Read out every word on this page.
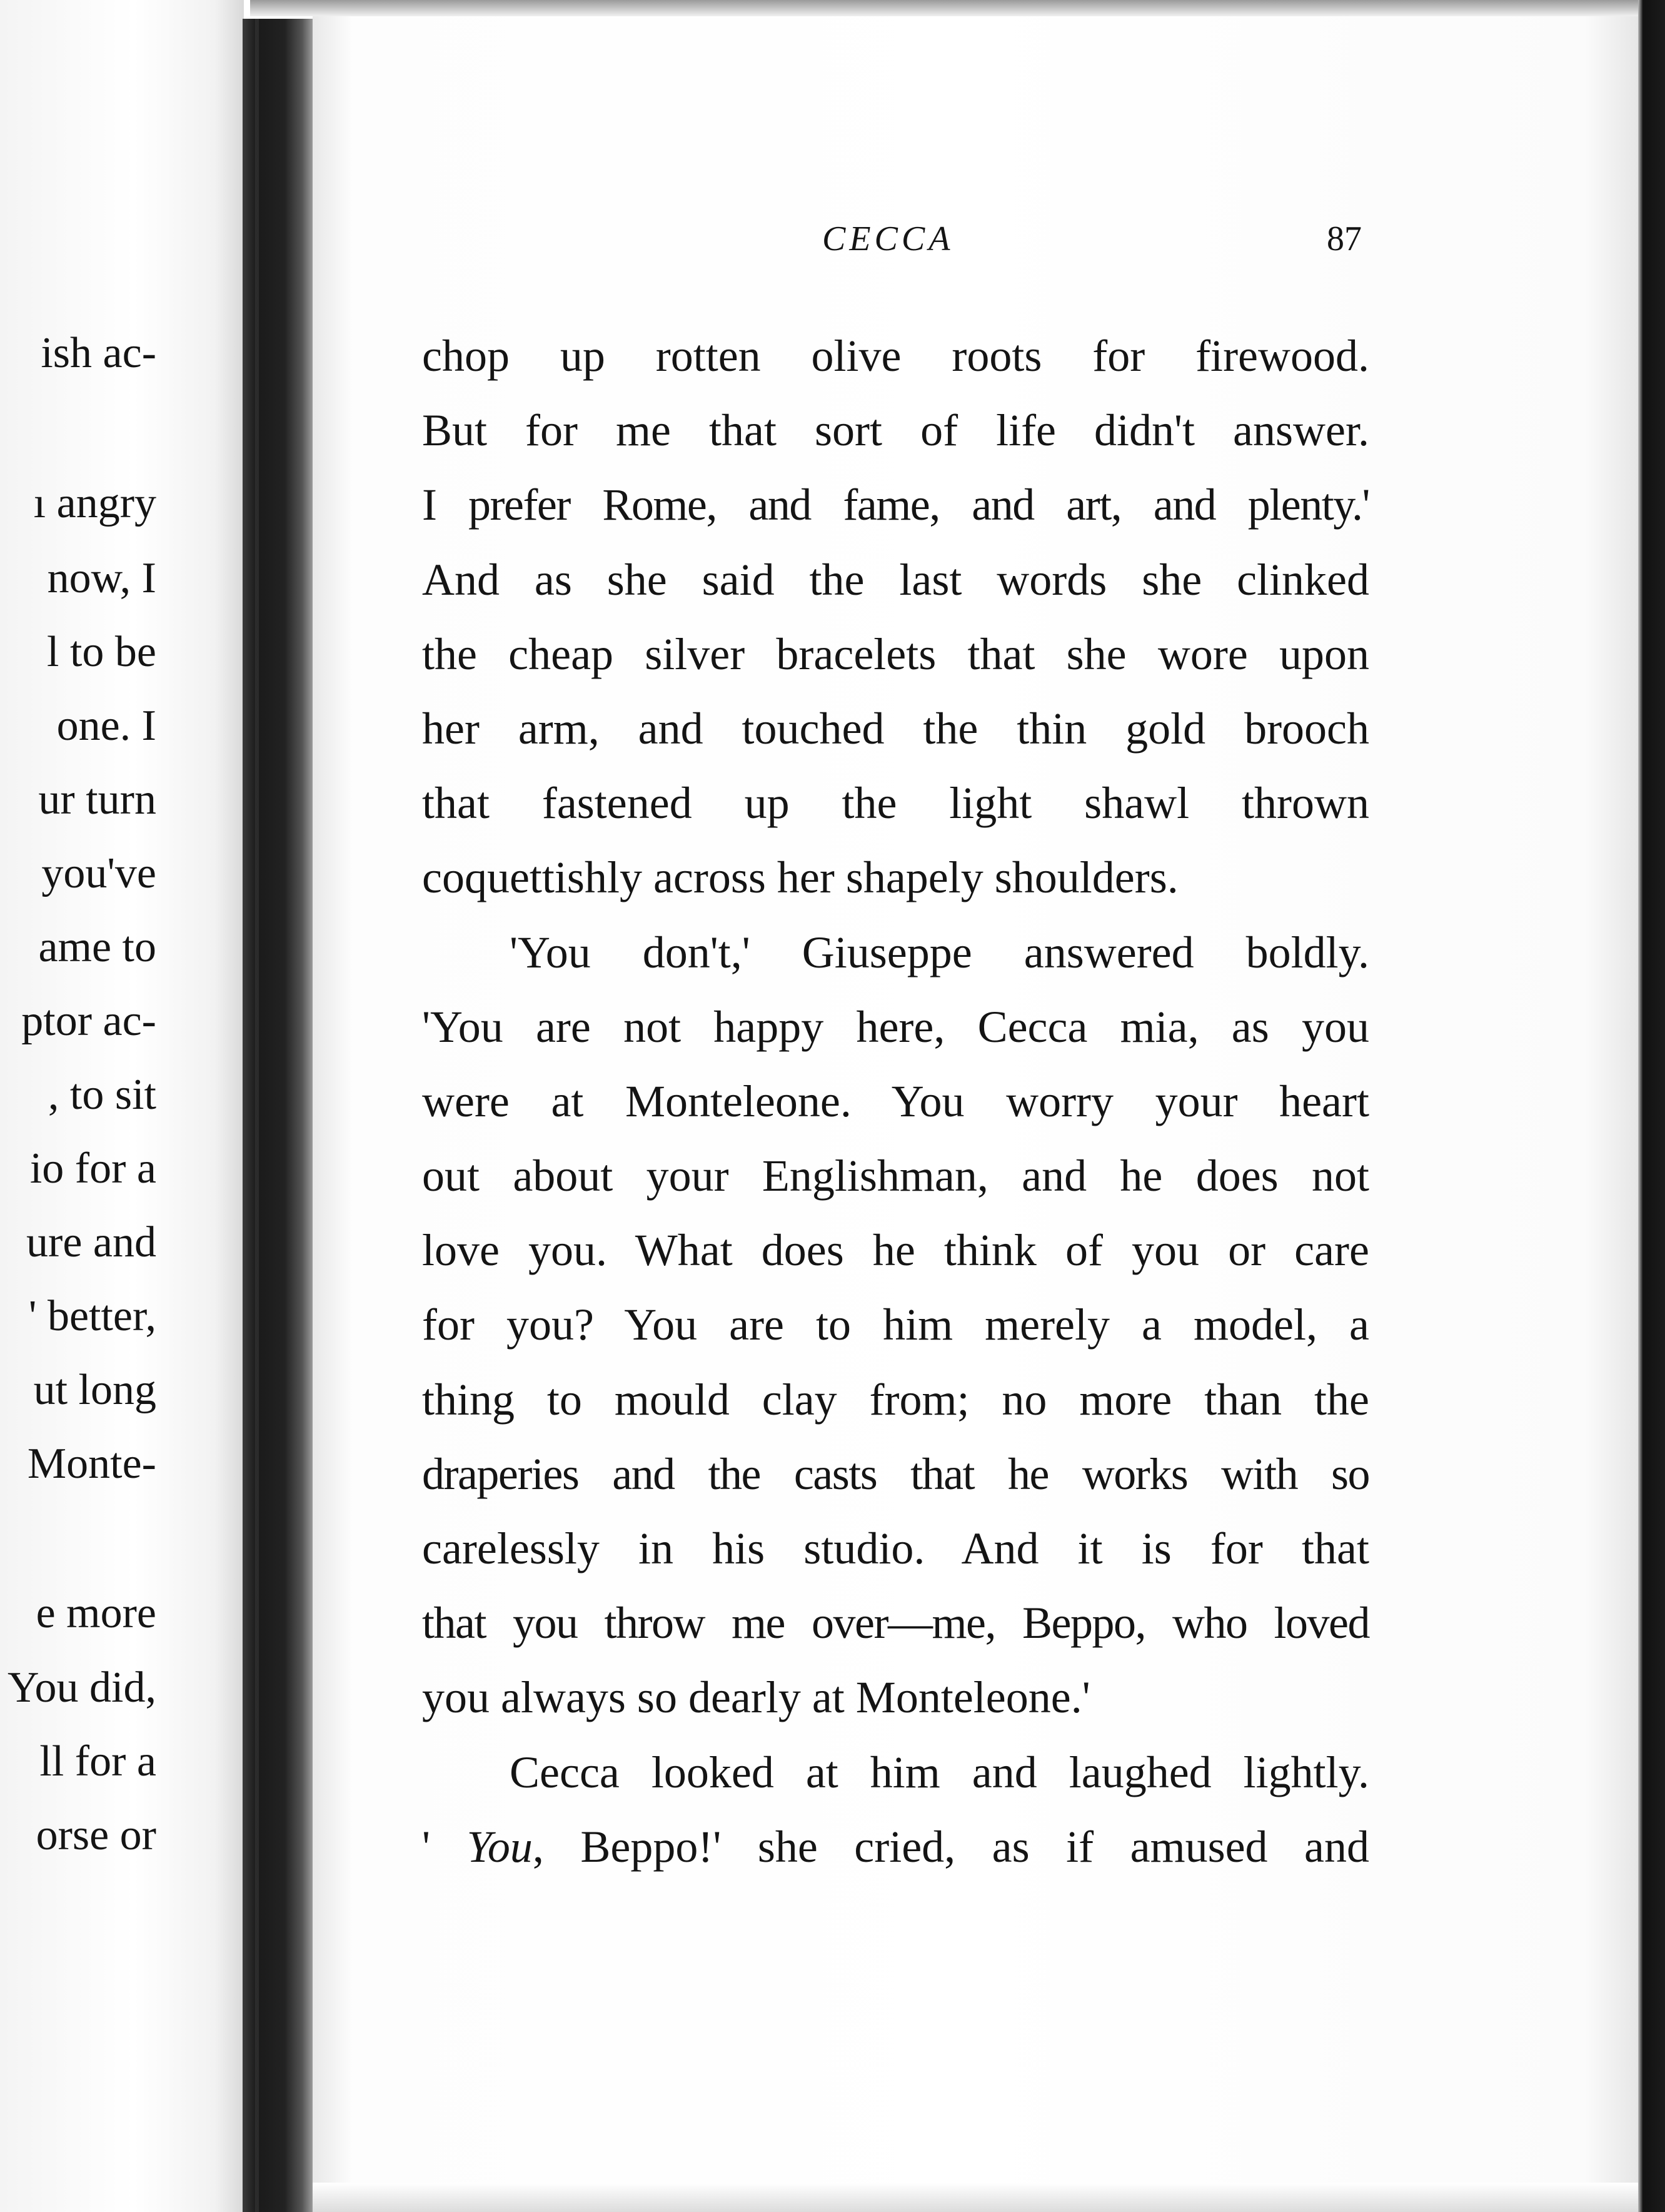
ish ac-
ı angry
now, I
l to be
one. I
ur turn
you've
ame to
ptor ac-
, to sit
io for a
ure and
' better,
ut long
Monte-
e more
You did,
ll for a
orse or
CECCA	87
chop up rotten olive roots for firewood.
But for me that sort of life didn't answer.
I prefer Rome, and fame, and art, and plenty.'
And as she said the last words she clinked
the cheap silver bracelets that she wore upon
her arm, and touched the thin gold brooch
that fastened up the light shawl thrown
coquettishly across her shapely shoulders.
'You don't,' Giuseppe answered boldly.
'You are not happy here, Cecca mia, as you
were at Monteleone. You worry your heart
out about your Englishman, and he does not
love you. What does he think of you or care
for you? You are to him merely a model, a
thing to mould clay from; no more than the
draperies and the casts that he works with so
carelessly in his studio. And it is for that
that you throw me over—me, Beppo, who loved
you always so dearly at Monteleone.'
Cecca looked at him and laughed lightly.
' You, Beppo!' she cried, as if amused and
